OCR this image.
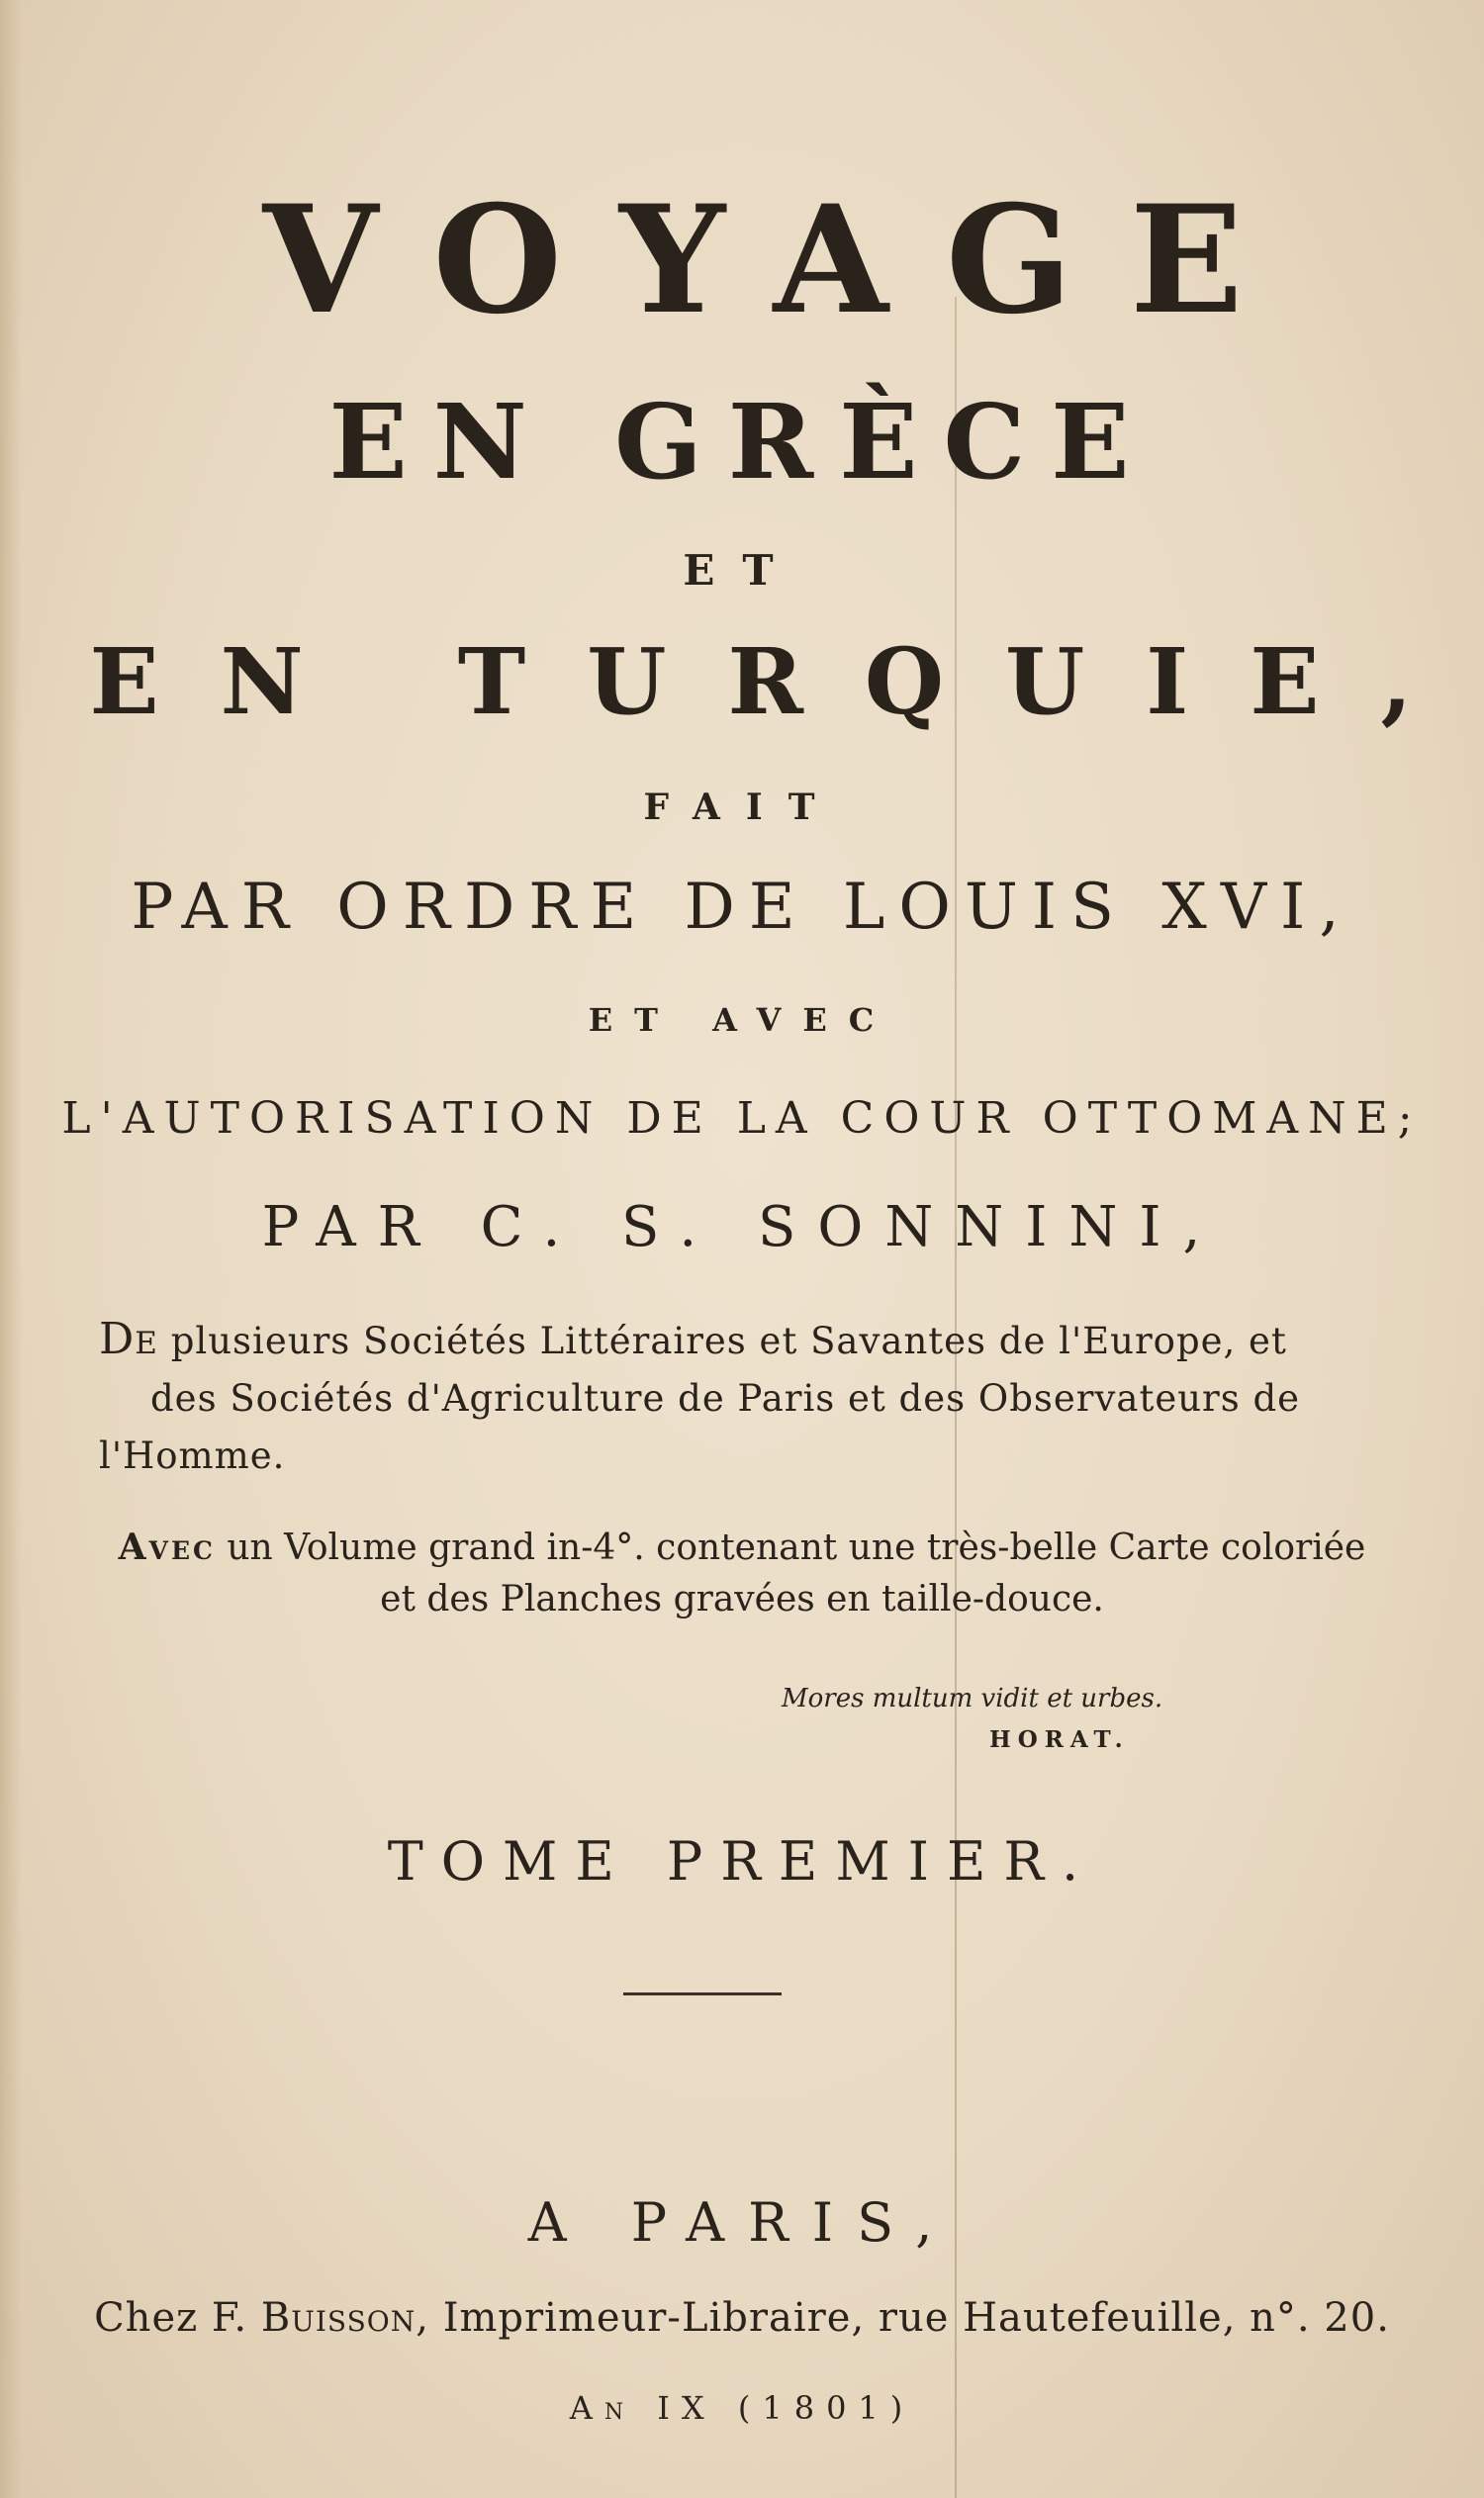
VOYAGE
EN GRÈCE
ET
EN TURQUIE,
FAIT
PAR ORDRE DE LOUIS XVI,
ET AVEC
L'AUTORISATION DE LA COUR OTTOMANE;
PAR C. S. SONNINI,
De plusieurs Sociétés Littéraires et Savantes de l'Europe, et
des Sociétés d'Agriculture de Paris et des Observateurs de
l'Homme.
Avec un Volume grand in-4°. contenant une très-belle Carte coloriée
et des Planches gravées en taille-douce.
Mores multum vidit et urbes.
HORAT.
TOME PREMIER.
A PARIS,
Chez F. Buisson, Imprimeur-Libraire, rue Hautefeuille, n°. 20.
An IX (1801)
